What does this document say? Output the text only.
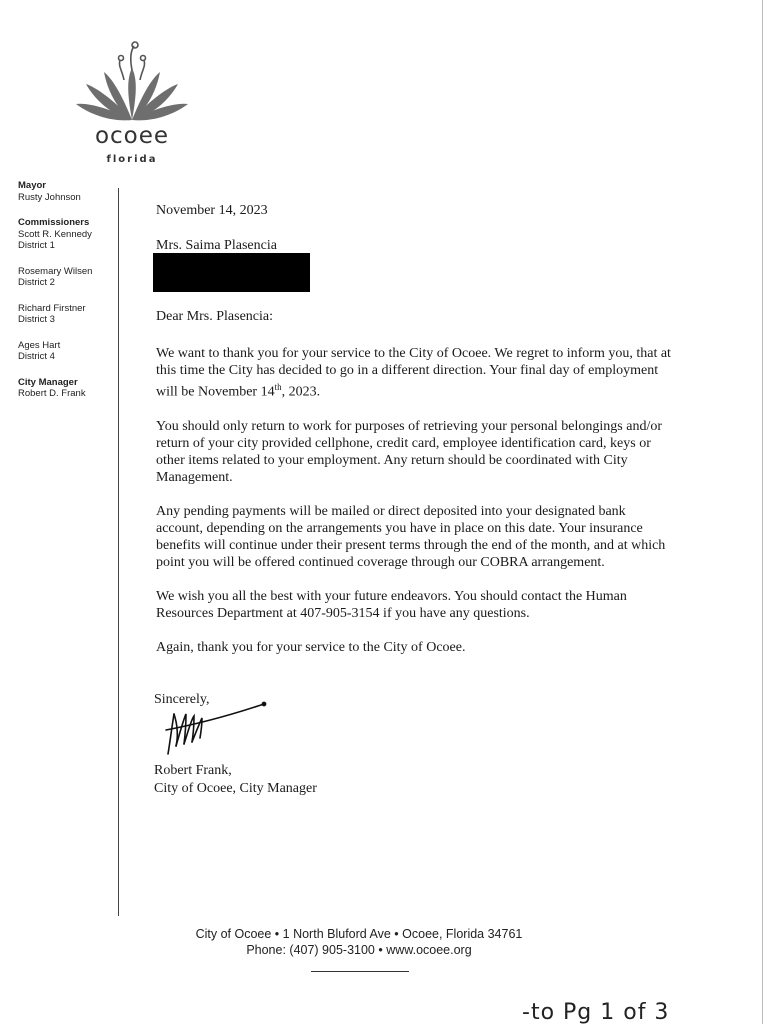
ocoee
florida
Mayor
Rusty Johnson
Commissioners
Scott R. Kennedy
District 1
Rosemary Wilsen
District 2
Richard Firstner
District 3
Ages Hart
District 4
City Manager
Robert D. Frank
November 14, 2023
Mrs. Saima Plasencia
Dear Mrs. Plasencia:

We want to thank you for your service to the City of Ocoee. We regret to inform you, that at this time the City has decided to go in a different direction. Your final day of employment will be November 14th, 2023.

You should only return to work for purposes of retrieving your personal belongings and/or return of your city provided cellphone, credit card, employee identification card, keys or other items related to your employment. Any return should be coordinated with City Management.

Any pending payments will be mailed or direct deposited into your designated bank account, depending on the arrangements you have in place on this date. Your insurance benefits will continue under their present terms through the end of the month, and at which point you will be offered continued coverage through our COBRA arrangement.

We wish you all the best with your future endeavors. You should contact the Human Resources Department at 407-905-3154 if you have any questions.

Again, thank you for your service to the City of Ocoee.

Sincerely,
Robert Frank,
City of Ocoee, City Manager
City of Ocoee • 1 North Bluford Ave • Ocoee, Florida 34761
Phone: (407) 905-3100 • www.ocoee.org
-to Pg 1 of 3
